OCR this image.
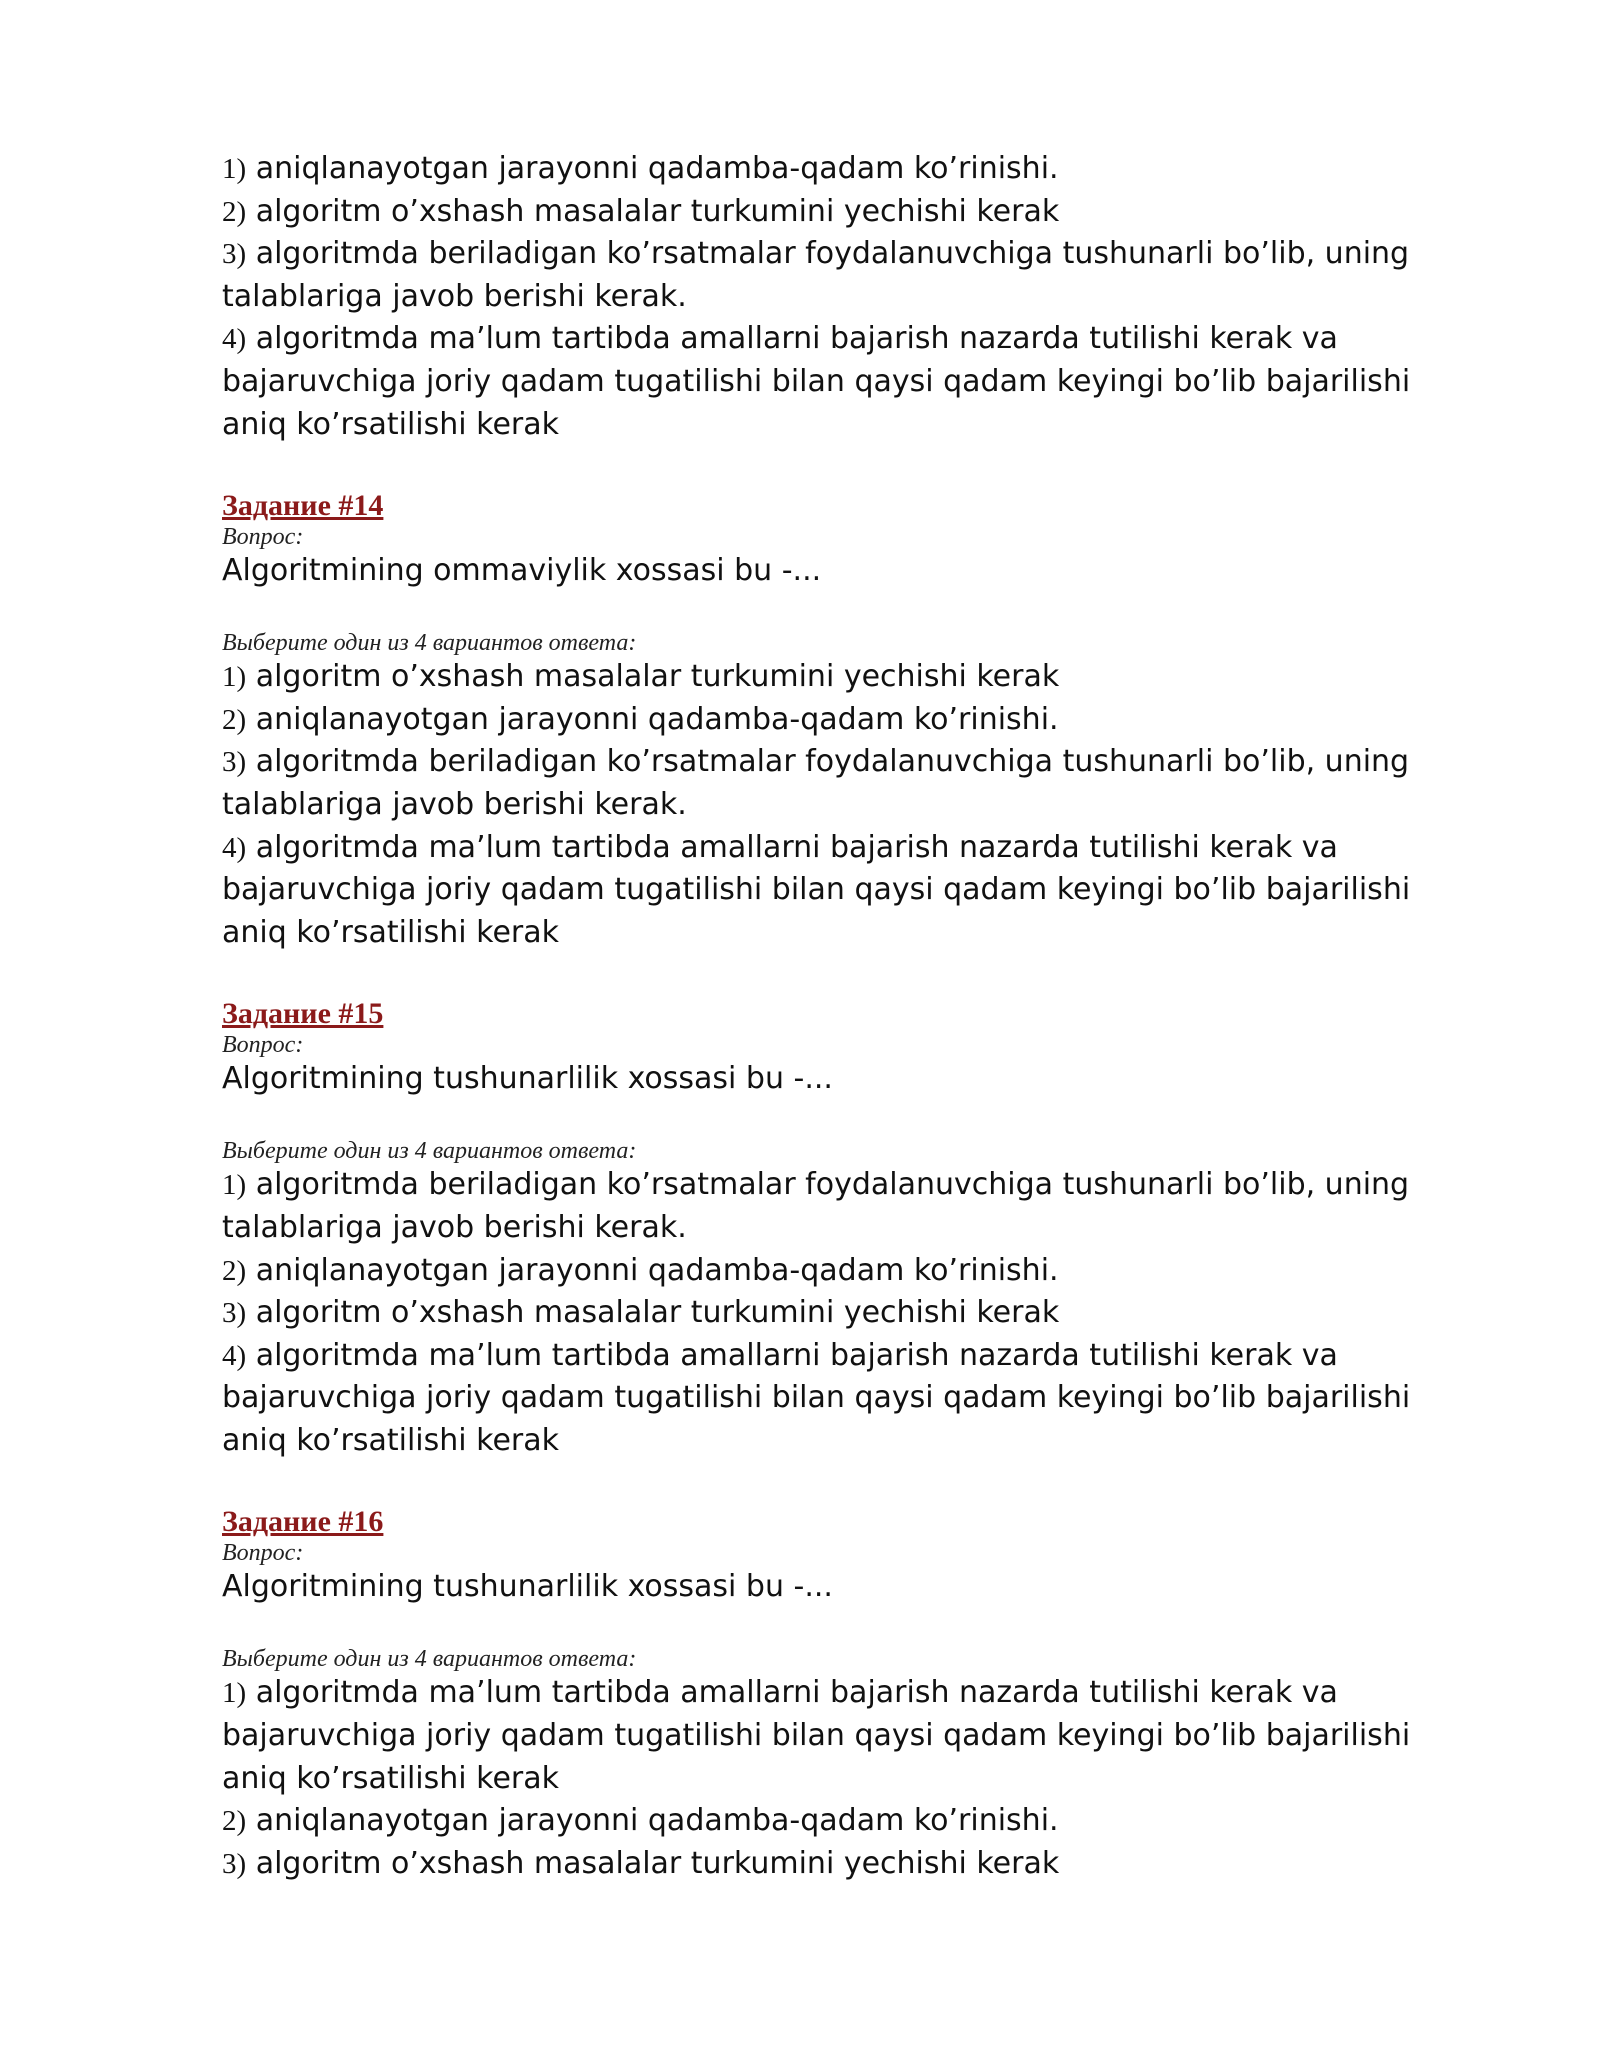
1) aniqlanayotgan jarayonni qadamba-qadam ko’rinishi.

2) algoritm o’xshash masalalar turkumini yechishi kerak

3) algoritmda beriladigan ko’rsatmalar foydalanuvchiga tushunarli bo’lib, uning talablariga javob berishi kerak.

4) algoritmda ma’lum tartibda amallarni bajarish nazarda tutilishi kerak va bajaruvchiga joriy qadam tugatilishi bilan qaysi qadam keyingi bo’lib bajarilishi aniq ko’rsatilishi kerak

Задание #14

Вопрос:

Algoritmining ommaviylik xossasi bu -...

Выберите один из 4 вариантов ответа:

1) algoritm o’xshash masalalar turkumini yechishi kerak

2) aniqlanayotgan jarayonni qadamba-qadam ko’rinishi.

3) algoritmda beriladigan ko’rsatmalar foydalanuvchiga tushunarli bo’lib, uning talablariga javob berishi kerak.

4) algoritmda ma’lum tartibda amallarni bajarish nazarda tutilishi kerak va bajaruvchiga joriy qadam tugatilishi bilan qaysi qadam keyingi bo’lib bajarilishi aniq ko’rsatilishi kerak

Задание #15

Вопрос:

Algoritmining tushunarlilik xossasi bu -...

Выберите один из 4 вариантов ответа:

1) algoritmda beriladigan ko’rsatmalar foydalanuvchiga tushunarli bo’lib, uning talablariga javob berishi kerak.

2) aniqlanayotgan jarayonni qadamba-qadam ko’rinishi.

3) algoritm o’xshash masalalar turkumini yechishi kerak

4) algoritmda ma’lum tartibda amallarni bajarish nazarda tutilishi kerak va bajaruvchiga joriy qadam tugatilishi bilan qaysi qadam keyingi bo’lib bajarilishi aniq ko’rsatilishi kerak

Задание #16

Вопрос:

Algoritmining tushunarlilik xossasi bu -...

Выберите один из 4 вариантов ответа:

1) algoritmda ma’lum tartibda amallarni bajarish nazarda tutilishi kerak va bajaruvchiga joriy qadam tugatilishi bilan qaysi qadam keyingi bo’lib bajarilishi aniq ko’rsatilishi kerak

2) aniqlanayotgan jarayonni qadamba-qadam ko’rinishi.

3) algoritm o’xshash masalalar turkumini yechishi kerak
